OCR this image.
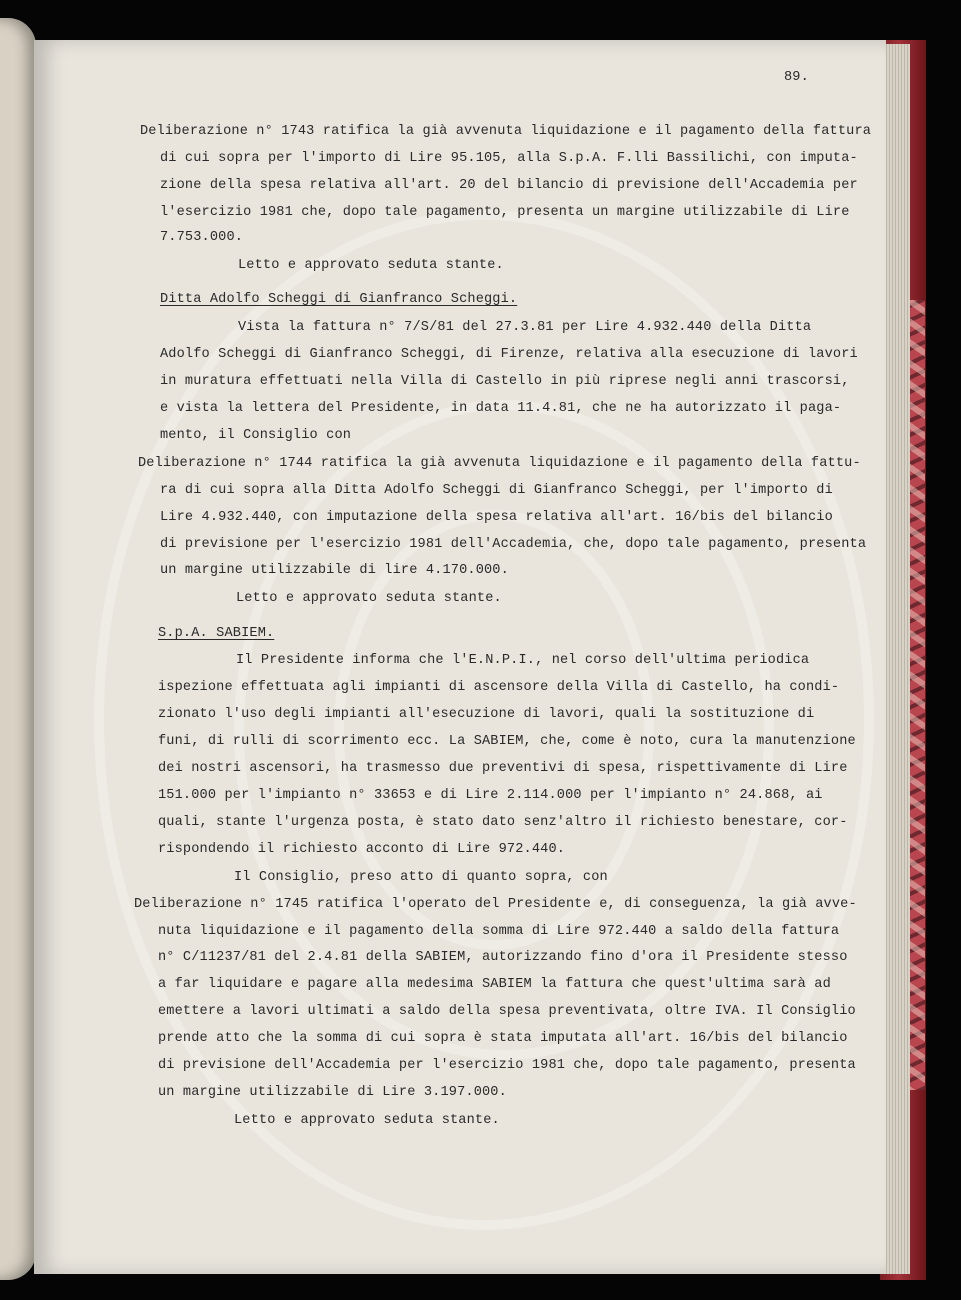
89.
Deliberazione n° 1743 ratifica la già avvenuta liquidazione e il pagamento della fattura
di cui sopra per l'importo di Lire 95.105, alla S.p.A. F.lli Bassilichi, con imputa-
zione della spesa relativa all'art. 20 del bilancio di previsione dell'Accademia per
l'esercizio 1981 che, dopo tale pagamento, presenta un margine utilizzabile di Lire
7.753.000.
Letto e approvato seduta stante.
Ditta Adolfo Scheggi di Gianfranco Scheggi.
Vista la fattura n° 7/S/81 del 27.3.81 per Lire 4.932.440 della Ditta
Adolfo Scheggi di Gianfranco Scheggi, di Firenze, relativa alla esecuzione di lavori
in muratura effettuati nella Villa di Castello in più riprese negli anni trascorsi,
e vista la lettera del Presidente, in data 11.4.81, che ne ha autorizzato il paga-
mento, il Consiglio con
Deliberazione n° 1744 ratifica la già avvenuta liquidazione e il pagamento della fattu-
ra di cui sopra alla Ditta Adolfo Scheggi di Gianfranco Scheggi, per l'importo di
Lire 4.932.440, con imputazione della spesa relativa all'art. 16/bis del bilancio
di previsione per l'esercizio 1981 dell'Accademia, che, dopo tale pagamento, presenta
un margine utilizzabile di lire 4.170.000.
Letto e approvato seduta stante.
S.p.A. SABIEM.
Il Presidente informa che l'E.N.P.I., nel corso dell'ultima periodica
ispezione effettuata agli impianti di ascensore della Villa di Castello, ha condi-
zionato l'uso degli impianti all'esecuzione di lavori, quali la sostituzione di
funi, di rulli di scorrimento ecc. La SABIEM, che, come è noto, cura la manutenzione
dei nostri ascensori, ha trasmesso due preventivi di spesa, rispettivamente di Lire
151.000 per l'impianto n° 33653 e di Lire 2.114.000 per l'impianto n° 24.868, ai
quali, stante l'urgenza posta, è stato dato senz'altro il richiesto benestare, cor-
rispondendo il richiesto acconto di Lire 972.440.
Il Consiglio, preso atto di quanto sopra, con
Deliberazione n° 1745 ratifica l'operato del Presidente e, di conseguenza, la già avve-
nuta liquidazione e il pagamento della somma di Lire 972.440 a saldo della fattura
n° C/11237/81 del 2.4.81 della SABIEM, autorizzando fino d'ora il Presidente stesso
a far liquidare e pagare alla medesima SABIEM la fattura che quest'ultima sarà ad
emettere a lavori ultimati a saldo della spesa preventivata, oltre IVA. Il Consiglio
prende atto che la somma di cui sopra è stata imputata all'art. 16/bis del bilancio
di previsione dell'Accademia per l'esercizio 1981 che, dopo tale pagamento, presenta
un margine utilizzabile di Lire 3.197.000.
Letto e approvato seduta stante.
